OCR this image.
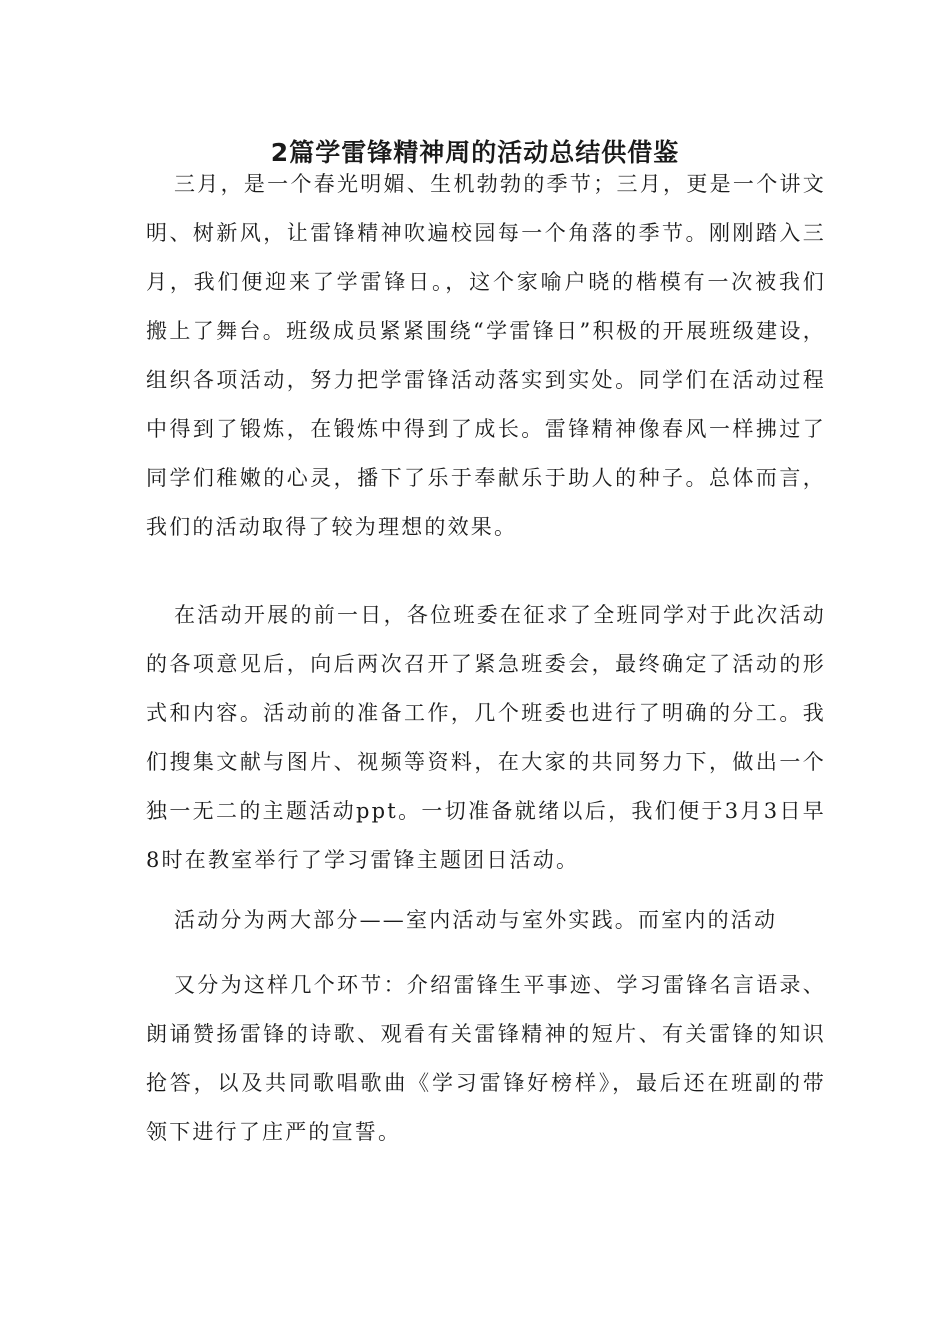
2篇学雷锋精神周的活动总结供借鉴

三月，是一个春光明媚、生机勃勃的季节；三月，更是一个讲文明、树新风，让雷锋精神吹遍校园每一个角落的季节。刚刚踏入三月，我们便迎来了学雷锋日。，这个家喻户晓的楷模有一次被我们搬上了舞台。班级成员紧紧围绕“学雷锋日”积极的开展班级建设，组织各项活动，努力把学雷锋活动落实到实处。同学们在活动过程中得到了锻炼，在锻炼中得到了成长。雷锋精神像春风一样拂过了同学们稚嫩的心灵，播下了乐于奉献乐于助人的种子。总体而言，我们的活动取得了较为理想的效果。

在活动开展的前一日，各位班委在征求了全班同学对于此次活动的各项意见后，向后两次召开了紧急班委会，最终确定了活动的形式和内容。活动前的准备工作，几个班委也进行了明确的分工。我们搜集文献与图片、视频等资料，在大家的共同努力下，做出一个独一无二的主题活动ppt。一切准备就绪以后，我们便于3月3日早8时在教室举行了学习雷锋主题团日活动。

活动分为两大部分——室内活动与室外实践。而室内的活动

又分为这样几个环节：介绍雷锋生平事迹、学习雷锋名言语录、朗诵赞扬雷锋的诗歌、观看有关雷锋精神的短片、有关雷锋的知识抢答，以及共同歌唱歌曲《学习雷锋好榜样》，最后还在班副的带领下进行了庄严的宣誓。
